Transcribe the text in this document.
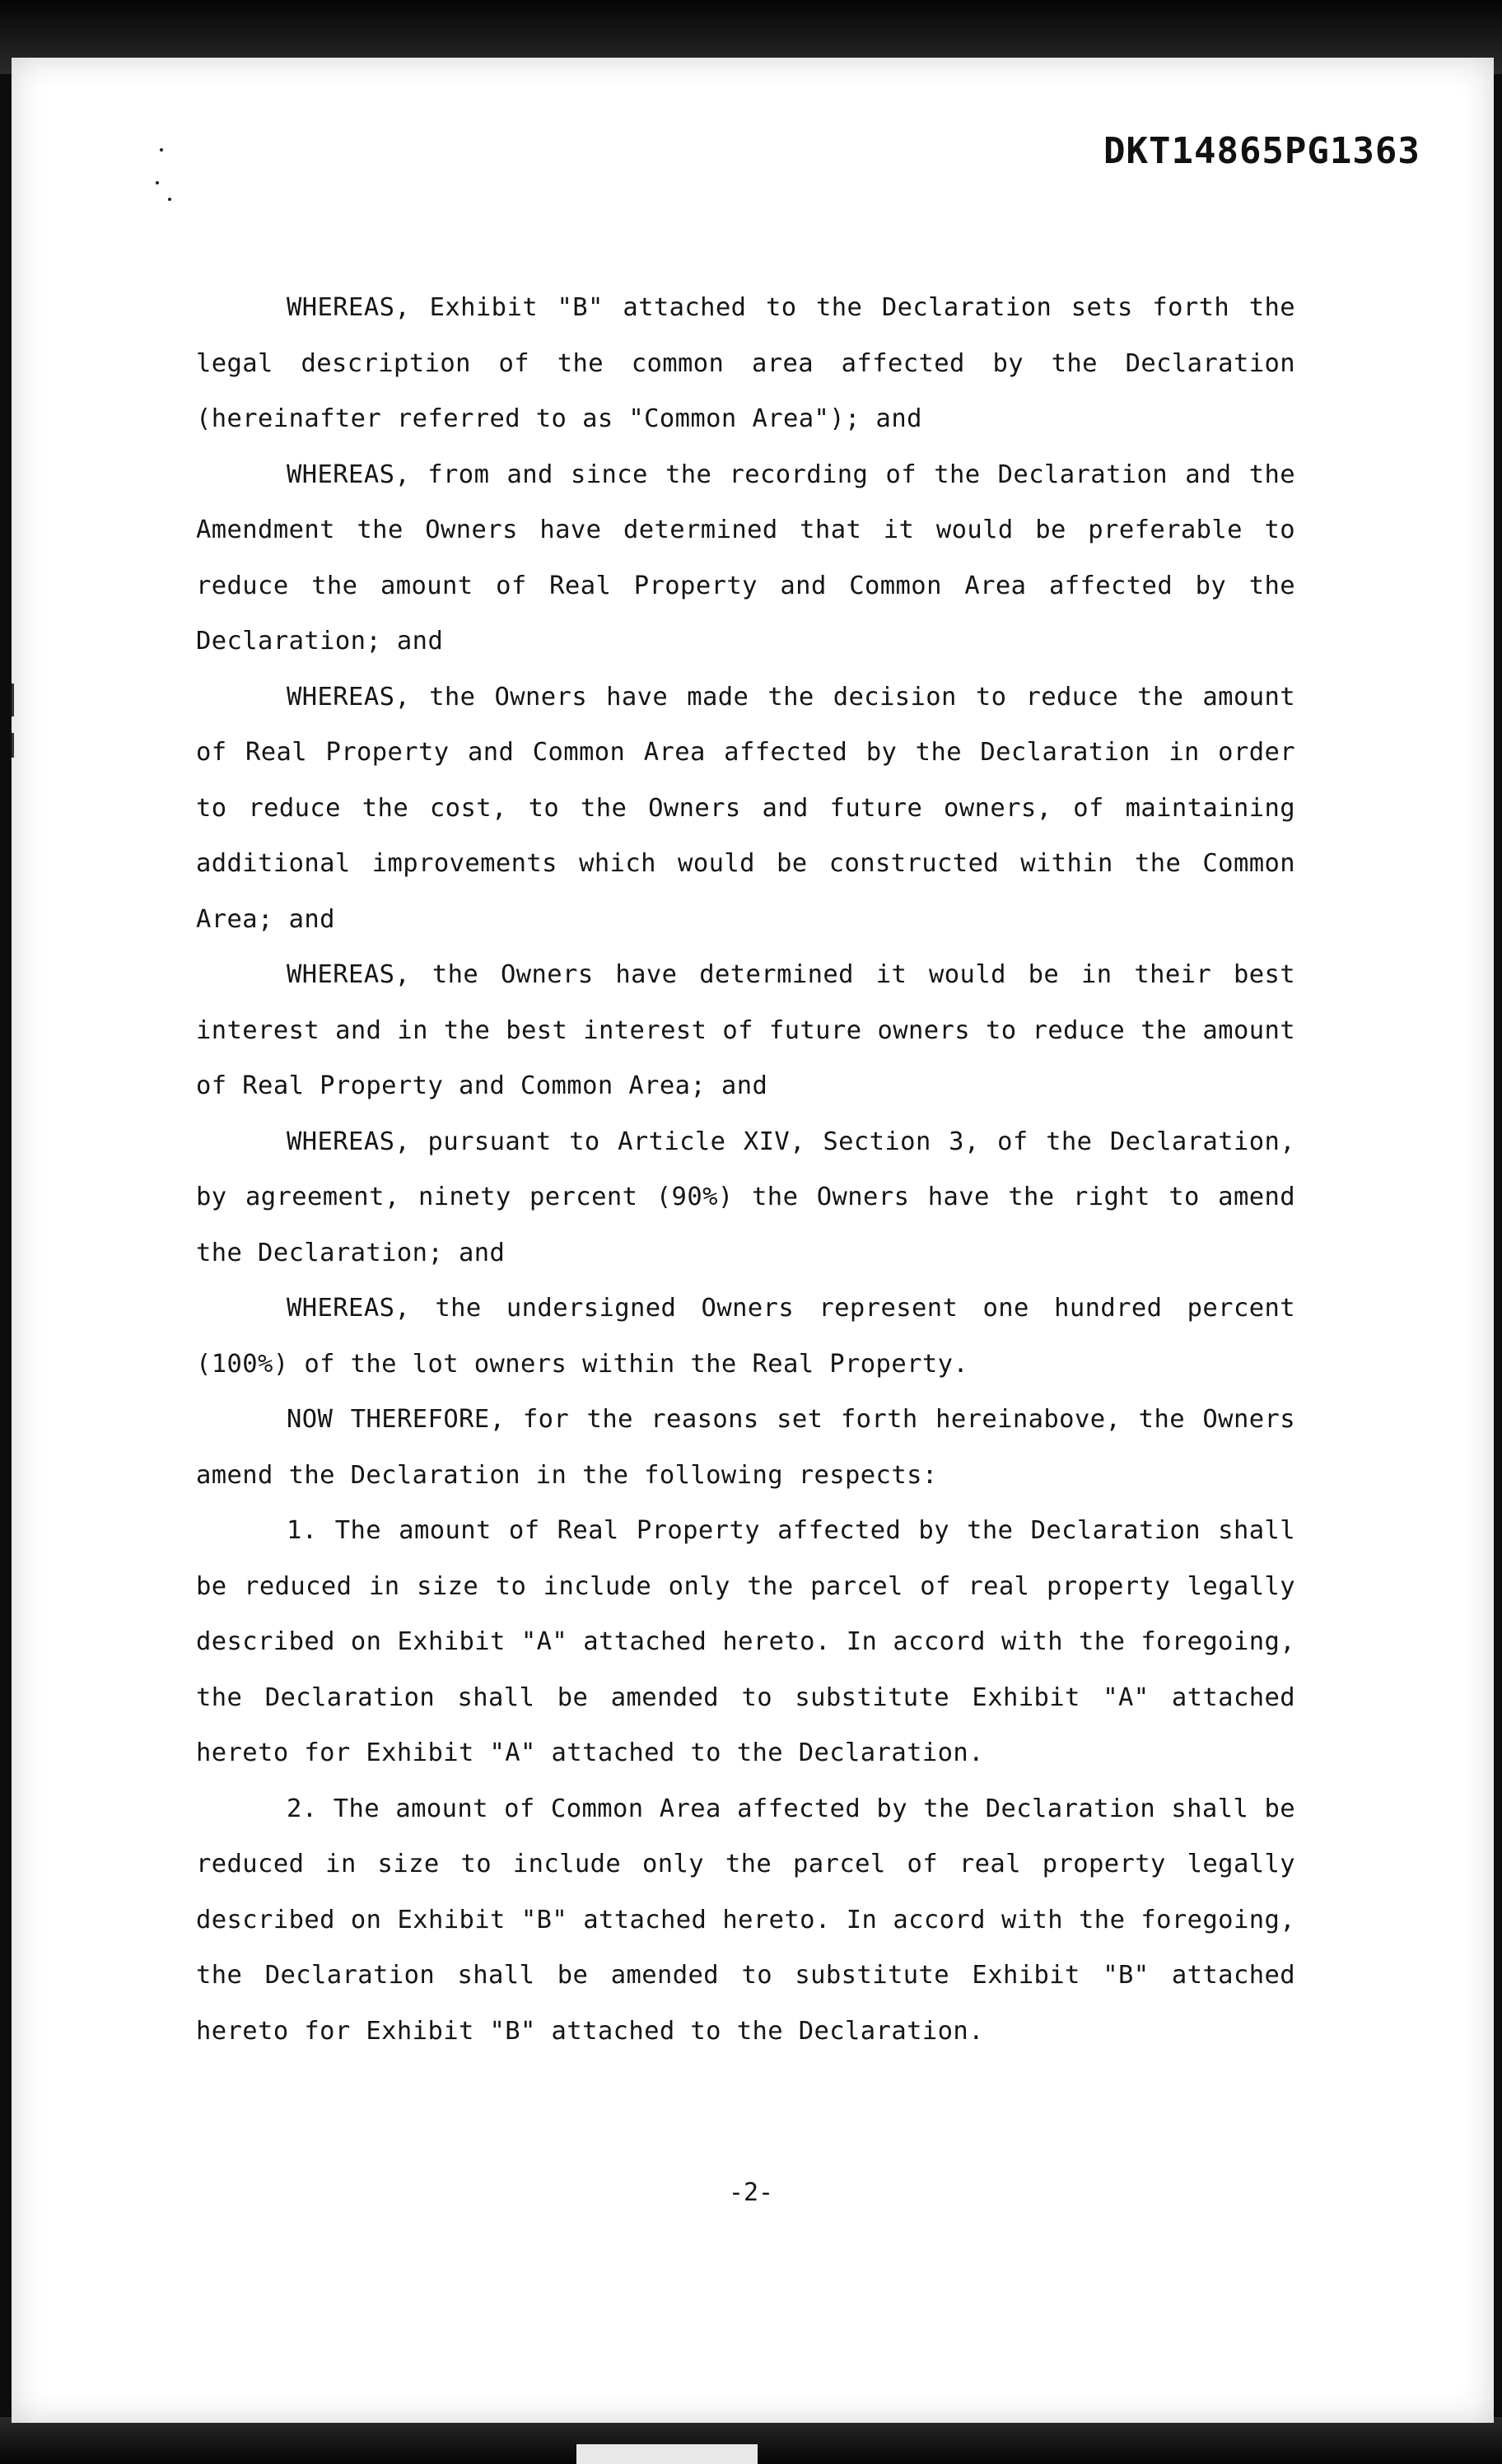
DKT14865PG1363

WHEREAS, Exhibit "B" attached to the Declaration sets forth the legal description of the common area affected by the Declaration (hereinafter referred to as "Common Area"); and

WHEREAS, from and since the recording of the Declaration and the Amendment the Owners have determined that it would be preferable to reduce the amount of Real Property and Common Area affected by the Declaration; and

WHEREAS, the Owners have made the decision to reduce the amount of Real Property and Common Area affected by the Declaration in order to reduce the cost, to the Owners and future owners, of maintaining additional improvements which would be constructed within the Common Area; and

WHEREAS, the Owners have determined it would be in their best interest and in the best interest of future owners to reduce the amount of Real Property and Common Area; and

WHEREAS, pursuant to Article XIV, Section 3, of the Declaration, by agreement, ninety percent (90%) the Owners have the right to amend the Declaration; and

WHEREAS, the undersigned Owners represent one hundred percent (100%) of the lot owners within the Real Property.

NOW THEREFORE, for the reasons set forth hereinabove, the Owners amend the Declaration in the following respects:

1. The amount of Real Property affected by the Declaration shall be reduced in size to include only the parcel of real property legally described on Exhibit "A" attached hereto. In accord with the foregoing, the Declaration shall be amended to substitute Exhibit "A" attached hereto for Exhibit "A" attached to the Declaration.

2. The amount of Common Area affected by the Declaration shall be reduced in size to include only the parcel of real property legally described on Exhibit "B" attached hereto. In accord with the foregoing, the Declaration shall be amended to substitute Exhibit "B" attached hereto for Exhibit "B" attached to the Declaration.

-2-
